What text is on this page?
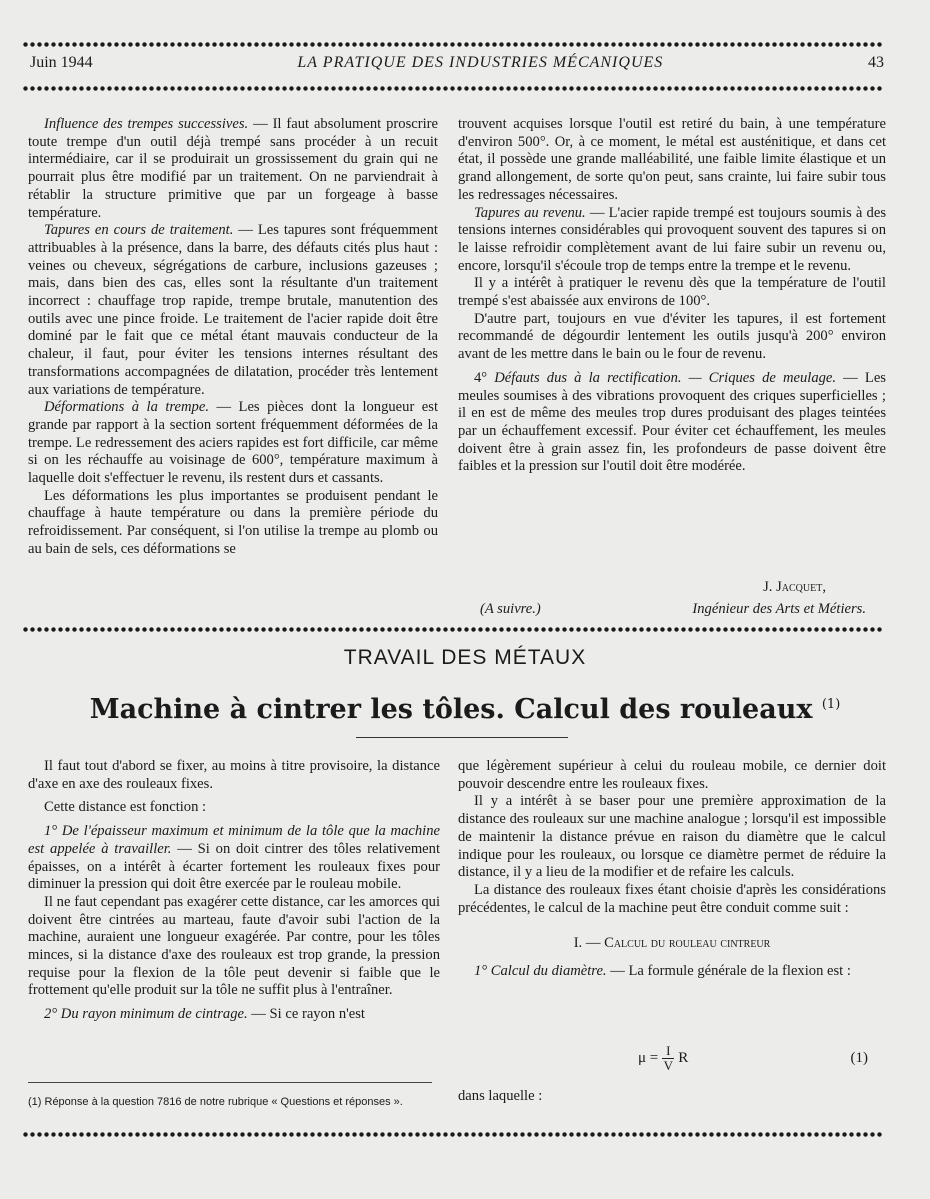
Juin 1944	LA PRATIQUE DES INDUSTRIES MÉCANIQUES	43

Influence des trempes successives. — Il faut absolument proscrire toute trempe d'un outil déjà trempé sans procéder à un recuit intermédiaire, car il se produirait un grossissement du grain qui ne pourrait plus être modifié par un traitement. On ne parviendrait à rétablir la structure primitive que par un forgeage à basse température.

Tapures en cours de traitement. — Les tapures sont fréquemment attribuables à la présence, dans la barre, des défauts cités plus haut : veines ou cheveux, ségrégations de carbure, inclusions gazeuses ; mais, dans bien des cas, elles sont la résultante d'un traitement incorrect : chauffage trop rapide, trempe brutale, manutention des outils avec une pince froide. Le traitement de l'acier rapide doit être dominé par le fait que ce métal étant mauvais conducteur de la chaleur, il faut, pour éviter les tensions internes résultant des transformations accompagnées de dilatation, procéder très lentement aux variations de température.

Déformations à la trempe. — Les pièces dont la longueur est grande par rapport à la section sortent fréquemment déformées de la trempe. Le redressement des aciers rapides est fort difficile, car même si on les réchauffe au voisinage de 600°, température maximum à laquelle doit s'effectuer le revenu, ils restent durs et cassants.

Les déformations les plus importantes se produisent pendant le chauffage à haute température ou dans la première période du refroidissement. Par conséquent, si l'on utilise la trempe au plomb ou au bain de sels, ces déformations se

trouvent acquises lorsque l'outil est retiré du bain, à une température d'environ 500°. Or, à ce moment, le métal est austénitique, et dans cet état, il possède une grande malléabilité, une faible limite élastique et un grand allongement, de sorte qu'on peut, sans crainte, lui faire subir tous les redressages nécessaires.

Tapures au revenu. — L'acier rapide trempé est toujours soumis à des tensions internes considérables qui provoquent souvent des tapures si on le laisse refroidir complètement avant de lui faire subir un revenu ou, encore, lorsqu'il s'écoule trop de temps entre la trempe et le revenu.

Il y a intérêt à pratiquer le revenu dès que la température de l'outil trempé s'est abaissée aux environs de 100°.

D'autre part, toujours en vue d'éviter les tapures, il est fortement recommandé de dégourdir lentement les outils jusqu'à 200° environ avant de les mettre dans le bain ou le four de revenu.

4° Défauts dus à la rectification. — Criques de meulage. — Les meules soumises à des vibrations provoquent des criques superficielles ; il en est de même des meules trop dures produisant des plages teintées par un échauffement excessif. Pour éviter cet échauffement, les meules doivent être à grain assez fin, les profondeurs de passe doivent être faibles et la pression sur l'outil doit être modérée.

J. Jacquet,
(A suivre.)	Ingénieur des Arts et Métiers.
TRAVAIL DES MÉTAUX
Machine à cintrer les tôles. Calcul des rouleaux $^{(1)}$

Il faut tout d'abord se fixer, au moins à titre provisoire, la distance d'axe en axe des rouleaux fixes.

Cette distance est fonction :

1° De l'épaisseur maximum et minimum de la tôle que la machine est appelée à travailler. — Si on doit cintrer des tôles relativement épaisses, on a intérêt à écarter fortement les rouleaux fixes pour diminuer la pression qui doit être exercée par le rouleau mobile.

Il ne faut cependant pas exagérer cette distance, car les amorces qui doivent être cintrées au marteau, faute d'avoir subi l'action de la machine, auraient une longueur exagérée. Par contre, pour les tôles minces, si la distance d'axe des rouleaux est trop grande, la pression requise pour la flexion de la tôle peut devenir si faible que le frottement qu'elle produit sur la tôle ne suffit plus à l'entraîner.

2° Du rayon minimum de cintrage. — Si ce rayon n'est

que légèrement supérieur à celui du rouleau mobile, ce dernier doit pouvoir descendre entre les rouleaux fixes.

Il y a intérêt à se baser pour une première approximation de la distance des rouleaux sur une machine analogue ; lorsqu'il est impossible de maintenir la distance prévue en raison du diamètre que le calcul indique pour les rouleaux, ou lorsque ce diamètre permet de réduire la distance, il y a lieu de la modifier et de refaire les calculs.

La distance des rouleaux fixes étant choisie d'après les considérations précédentes, le calcul de la machine peut être conduit comme suit :

I. — Calcul du rouleau cintreur

1° Calcul du diamètre. — La formule générale de la flexion est :

$\mu = \frac{I}{V}$ R	(1)
(1) Réponse à la question 7816 de notre rubrique « Questions et réponses ».	dans laquelle :
